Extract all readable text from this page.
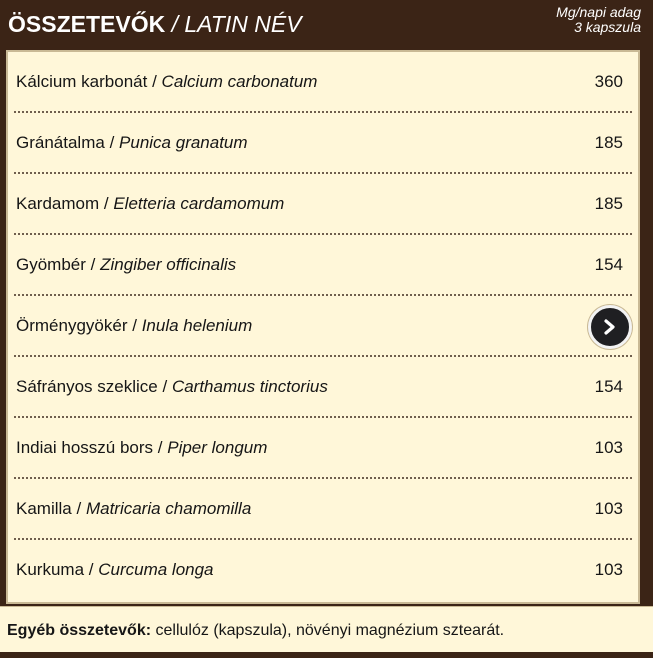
ÖSSZETEVŐK / LATIN NÉV	Mg/napi adag
3 kapszula
Kálcium karbonát / Calcium carbonatum	360
Gránátalma / Punica granatum	185
Kardamom / Eletteria cardamomum	185
Gyömbér / Zingiber officinalis	154
Örménygyökér / Inula helenium
Sáfrányos szeklice / Carthamus tinctorius	154
Indiai hosszú bors / Piper longum	103
Kamilla / Matricaria chamomilla	103
Kurkuma / Curcuma longa	103
Egyéb összetevők: cellulóz (kapszula), növényi magnézium sztearát.
